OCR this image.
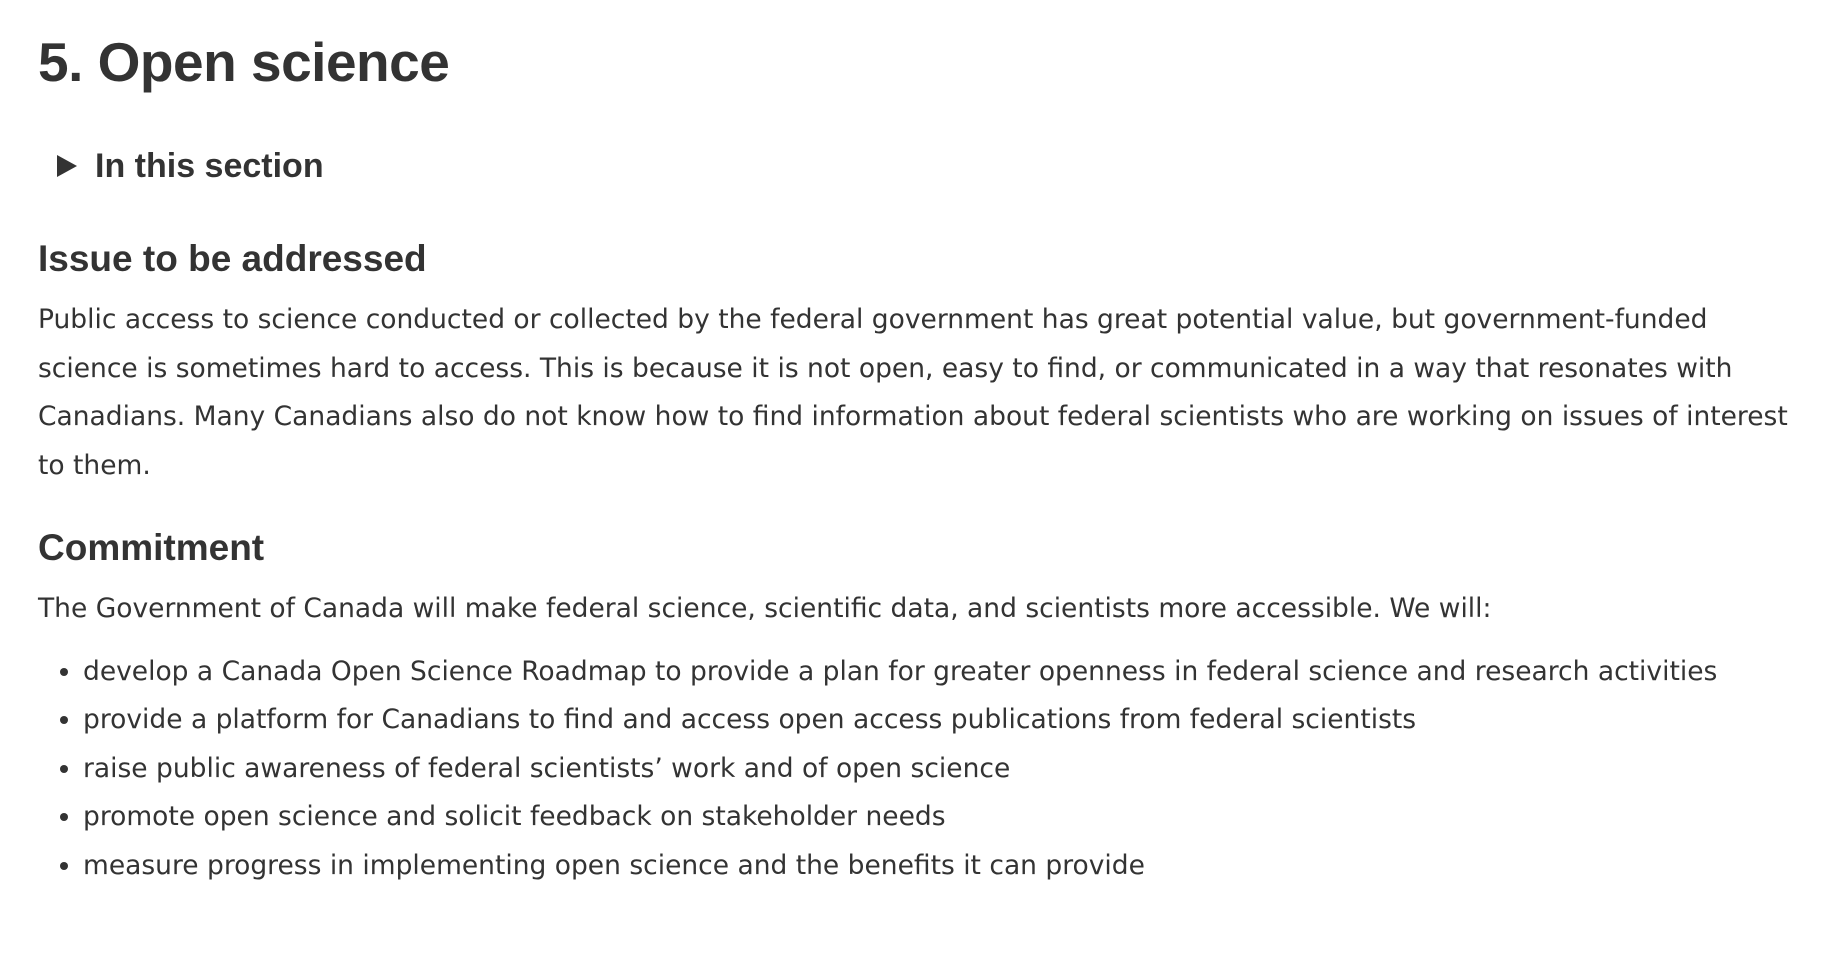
5. Open science
In this section
Issue to be addressed

Public access to science conducted or collected by the federal government has great potential value, but government-funded science is sometimes hard to access. This is because it is not open, easy to find, or communicated in a way that resonates with Canadians. Many Canadians also do not know how to find information about federal scientists who are working on issues of interest to them.

Commitment

The Government of Canada will make federal science, scientific data, and scientists more accessible. We will:

• develop a Canada Open Science Roadmap to provide a plan for greater openness in federal science and research activities
• provide a platform for Canadians to find and access open access publications from federal scientists
• raise public awareness of federal scientists’ work and of open science
• promote open science and solicit feedback on stakeholder needs
• measure progress in implementing open science and the benefits it can provide
